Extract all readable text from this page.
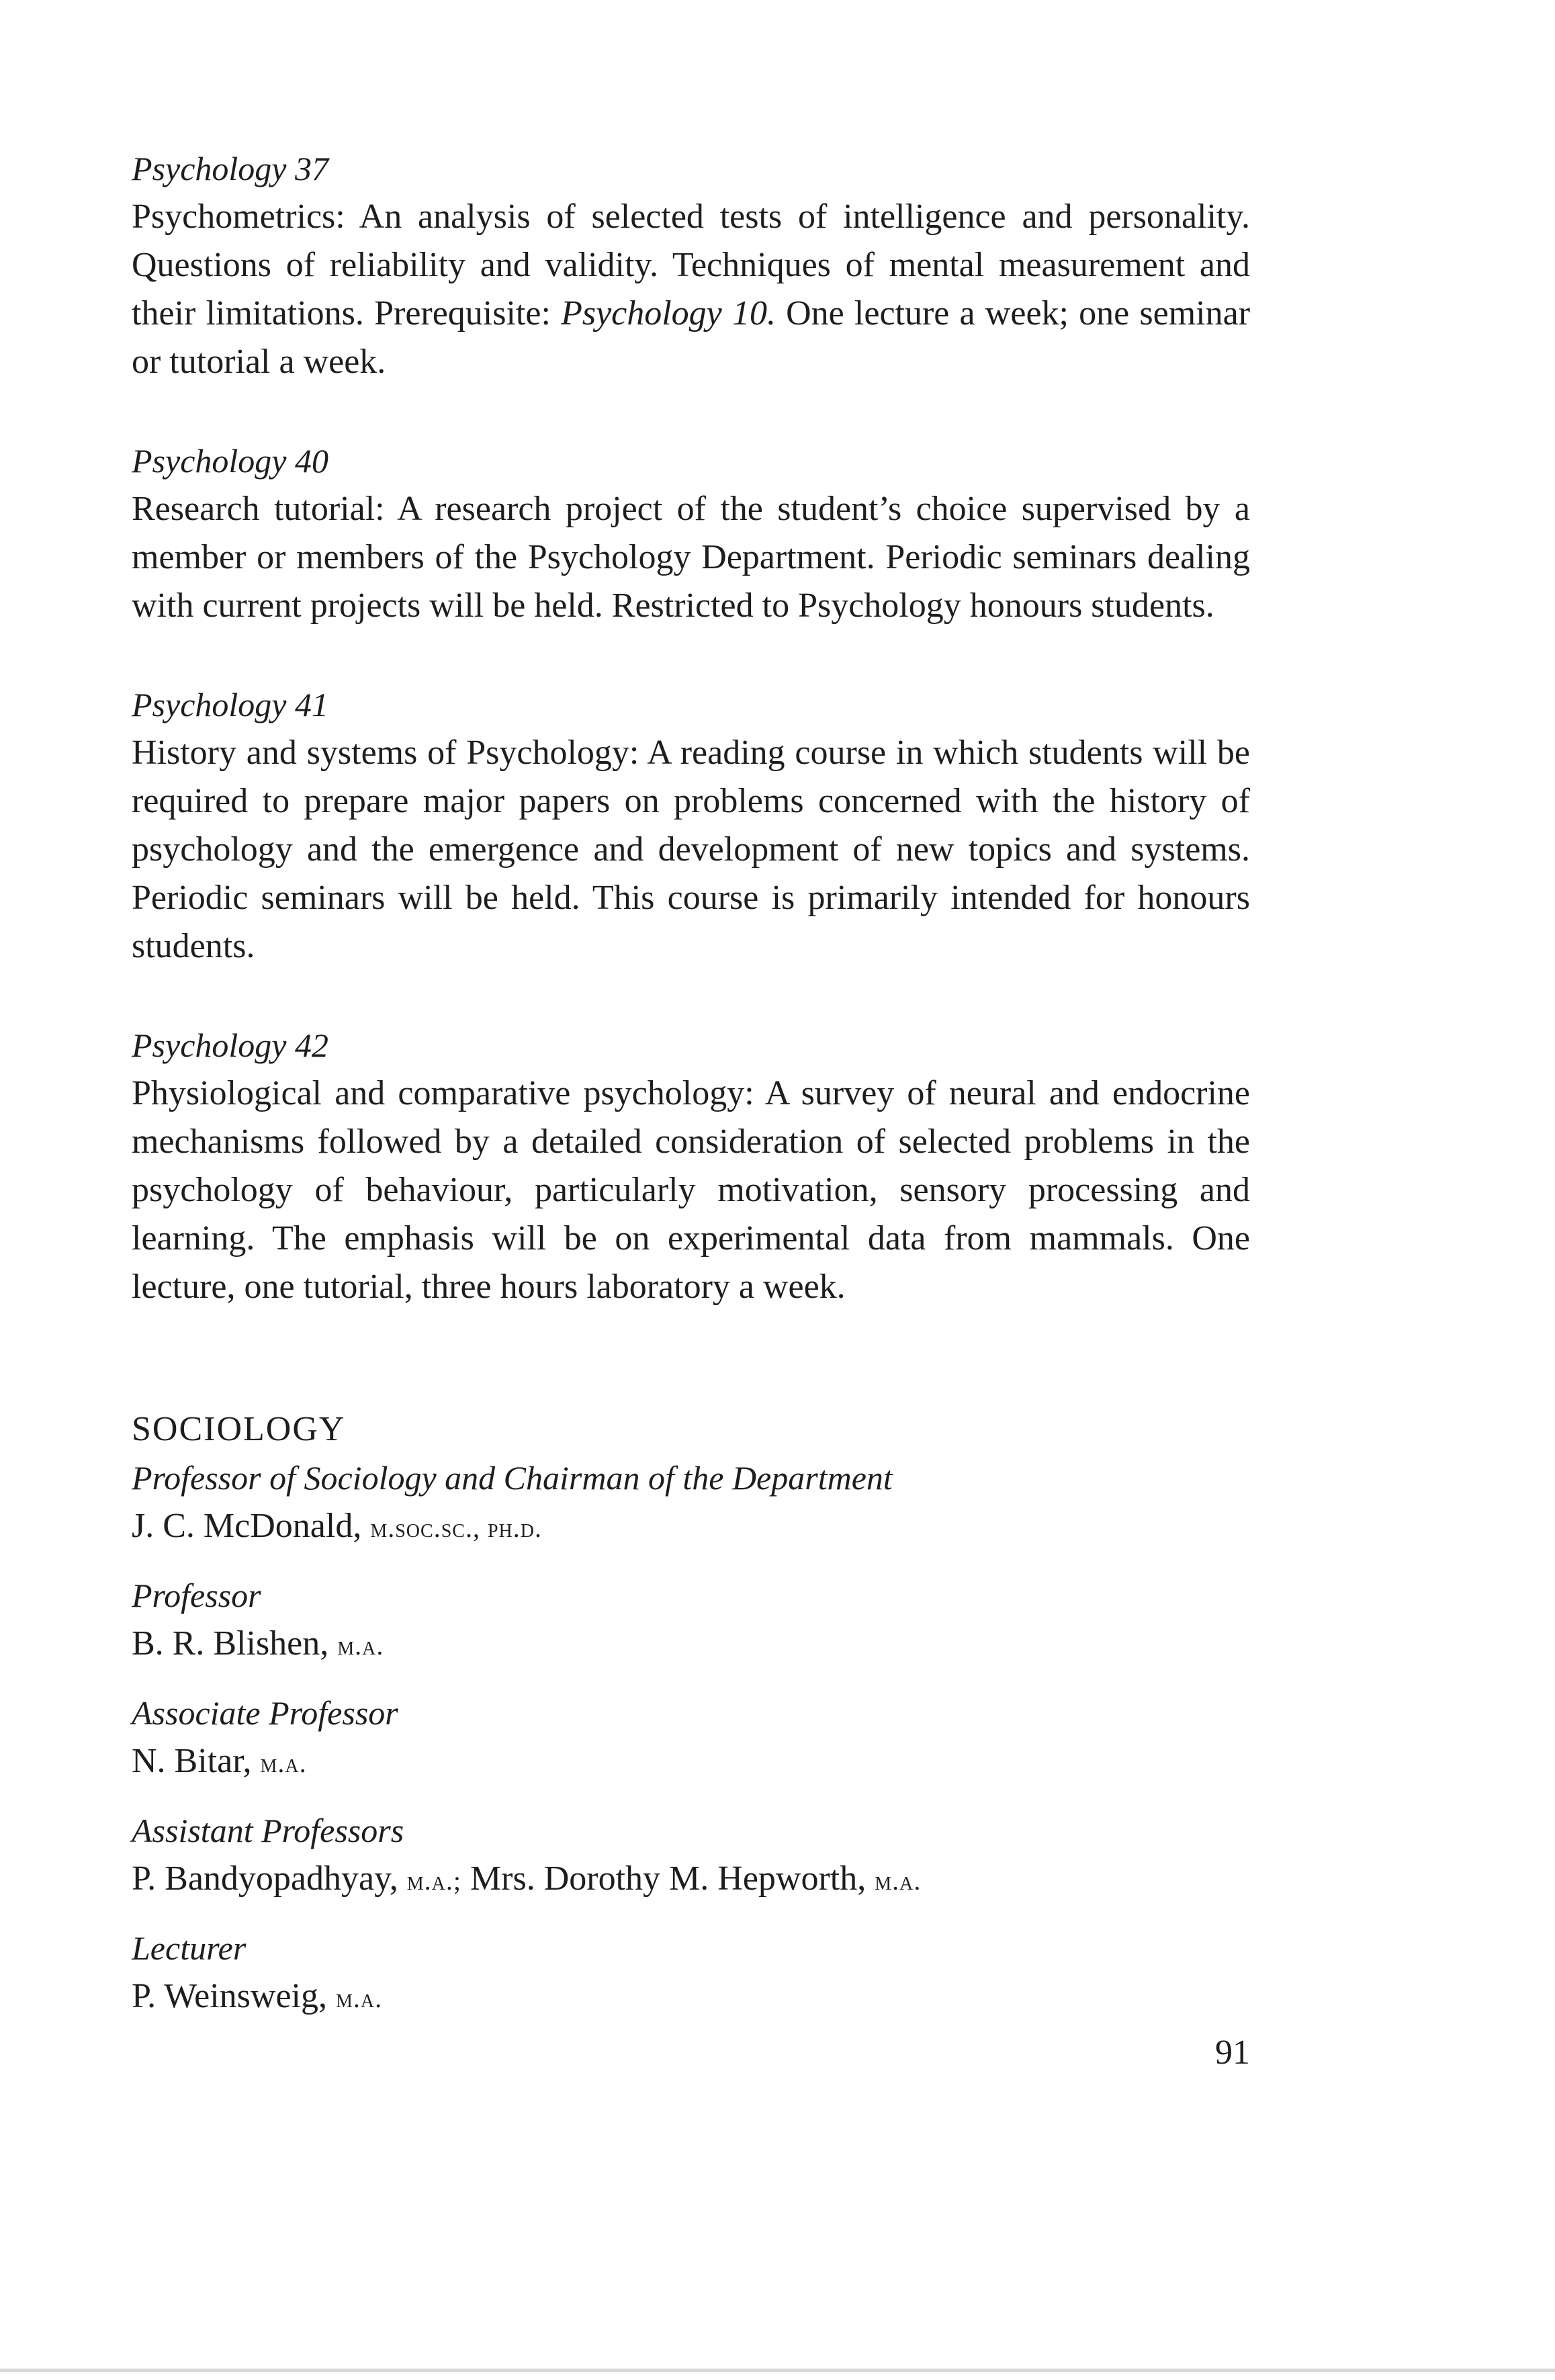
Psychology 37

Psychometrics: An analysis of selected tests of intelligence and personality. Questions of reliability and validity. Techniques of mental measurement and their limitations. Prerequisite: Psychology 10. One lecture a week; one seminar or tutorial a week.

Psychology 40

Research tutorial: A research project of the student’s choice supervised by a member or members of the Psychology Department. Periodic seminars dealing with current projects will be held. Restricted to Psychology honours students.

Psychology 41

History and systems of Psychology: A reading course in which students will be required to prepare major papers on problems concerned with the history of psychology and the emergence and development of new topics and systems. Periodic seminars will be held. This course is primarily intended for honours students.

Psychology 42

Physiological and comparative psychology: A survey of neural and endocrine mechanisms followed by a detailed consideration of selected problems in the psychology of behaviour, particularly motivation, sensory processing and learning. The emphasis will be on experimental data from mammals. One lecture, one tutorial, three hours laboratory a week.

SOCIOLOGY
Professor of Sociology and Chairman of the Department
J. C. McDonald, m.soc.sc., ph.d.
Professor
B. R. Blishen, m.a.
Associate Professor
N. Bitar, m.a.
Assistant Professors
P. Bandyopadhyay, m.a.; Mrs. Dorothy M. Hepworth, m.a.
Lecturer
P. Weinsweig, m.a.
91
